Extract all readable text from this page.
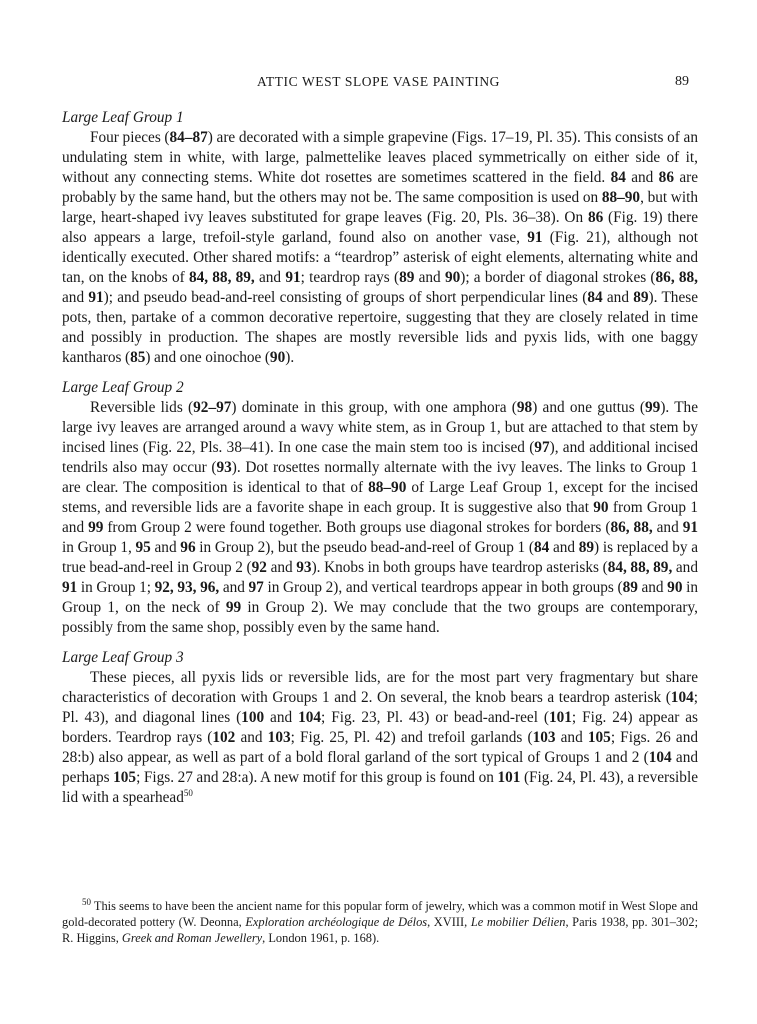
ATTIC WEST SLOPE VASE PAINTING	89

Large Leaf Group 1

Four pieces (84–87) are decorated with a simple grapevine (Figs. 17–19, Pl. 35). This consists of an undulating stem in white, with large, palmettelike leaves placed symmetrically on either side of it, without any connecting stems. White dot rosettes are sometimes scattered in the field. 84 and 86 are probably by the same hand, but the others may not be. The same composition is used on 88–90, but with large, heart-shaped ivy leaves substituted for grape leaves (Fig. 20, Pls. 36–38). On 86 (Fig. 19) there also appears a large, trefoil-style garland, found also on another vase, 91 (Fig. 21), although not identically executed. Other shared motifs: a “teardrop” asterisk of eight elements, alternating white and tan, on the knobs of 84, 88, 89, and 91; teardrop rays (89 and 90); a border of diagonal strokes (86, 88, and 91); and pseudo bead-and-reel consisting of groups of short perpendicular lines (84 and 89). These pots, then, partake of a common decorative repertoire, suggesting that they are closely related in time and possibly in production. The shapes are mostly reversible lids and pyxis lids, with one baggy kantharos (85) and one oinochoe (90).

Large Leaf Group 2

Reversible lids (92–97) dominate in this group, with one amphora (98) and one guttus (99). The large ivy leaves are arranged around a wavy white stem, as in Group 1, but are attached to that stem by incised lines (Fig. 22, Pls. 38–41). In one case the main stem too is incised (97), and additional incised tendrils also may occur (93). Dot rosettes normally alternate with the ivy leaves. The links to Group 1 are clear. The composition is identical to that of 88–90 of Large Leaf Group 1, except for the incised stems, and reversible lids are a favorite shape in each group. It is suggestive also that 90 from Group 1 and 99 from Group 2 were found together. Both groups use diagonal strokes for borders (86, 88, and 91 in Group 1, 95 and 96 in Group 2), but the pseudo bead-and-reel of Group 1 (84 and 89) is replaced by a true bead-and-reel in Group 2 (92 and 93). Knobs in both groups have teardrop asterisks (84, 88, 89, and 91 in Group 1; 92, 93, 96, and 97 in Group 2), and vertical teardrops appear in both groups (89 and 90 in Group 1, on the neck of 99 in Group 2). We may conclude that the two groups are contemporary, possibly from the same shop, possibly even by the same hand.

Large Leaf Group 3

These pieces, all pyxis lids or reversible lids, are for the most part very fragmentary but share characteristics of decoration with Groups 1 and 2. On several, the knob bears a teardrop asterisk (104; Pl. 43), and diagonal lines (100 and 104; Fig. 23, Pl. 43) or bead-and-reel (101; Fig. 24) appear as borders. Teardrop rays (102 and 103; Fig. 25, Pl. 42) and trefoil garlands (103 and 105; Figs. 26 and 28:b) also appear, as well as part of a bold floral garland of the sort typical of Groups 1 and 2 (104 and perhaps 105; Figs. 27 and 28:a). A new motif for this group is found on 101 (Fig. 24, Pl. 43), a reversible lid with a spearhead$^{50}$

$^{50}$ This seems to have been the ancient name for this popular form of jewelry, which was a common motif in West Slope and gold-decorated pottery (W. Deonna, Exploration archéologique de Délos, XVIII, Le mobilier Délien, Paris 1938, pp. 301–302; R. Higgins, Greek and Roman Jewellery, London 1961, p. 168).
